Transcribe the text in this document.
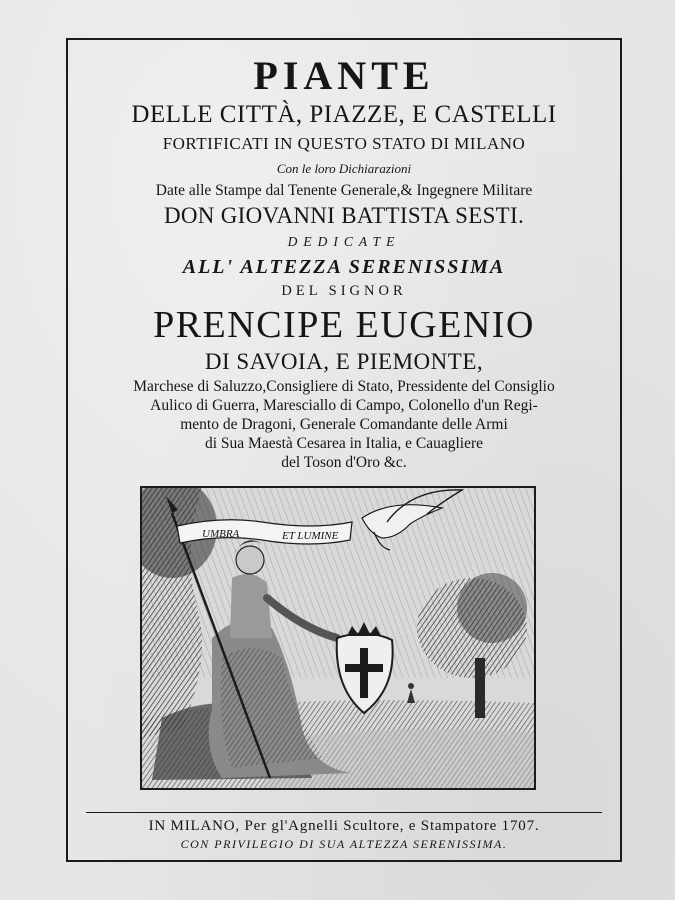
PIANTE
DELLE CITTÀ, PIAZZE, E CASTELLI
FORTIFICATI IN QUESTO STATO DI MILANO
Con le loro Dichiarazioni
Date alle Stampe dal Tenente Generale,& Ingegnere Militare
DON GIOVANNI BATTISTA SESTI.
DEDICATE
ALL' ALTEZZA SERENISSIMA
DEL SIGNOR
PRENCIPE EUGENIO
DI SAVOIA, E PIEMONTE,
Marchese di Saluzzo,Consigliere di Stato, Pressidente del Consiglio
Aulico di Guerra, Maresciallo di Campo, Colonello d'un Regi-
mento de Dragoni, Generale Comandante delle Armi
di Sua Maestà Cesarea in Italia, e Cauagliere
del Toson d'Oro &c.
UMBRA	ET LUMINE
IN MILANO, Per gl'Agnelli Scultore, e Stampatore 1707.
CON PRIVILEGIO DI SUA ALTEZZA SERENISSIMA.
